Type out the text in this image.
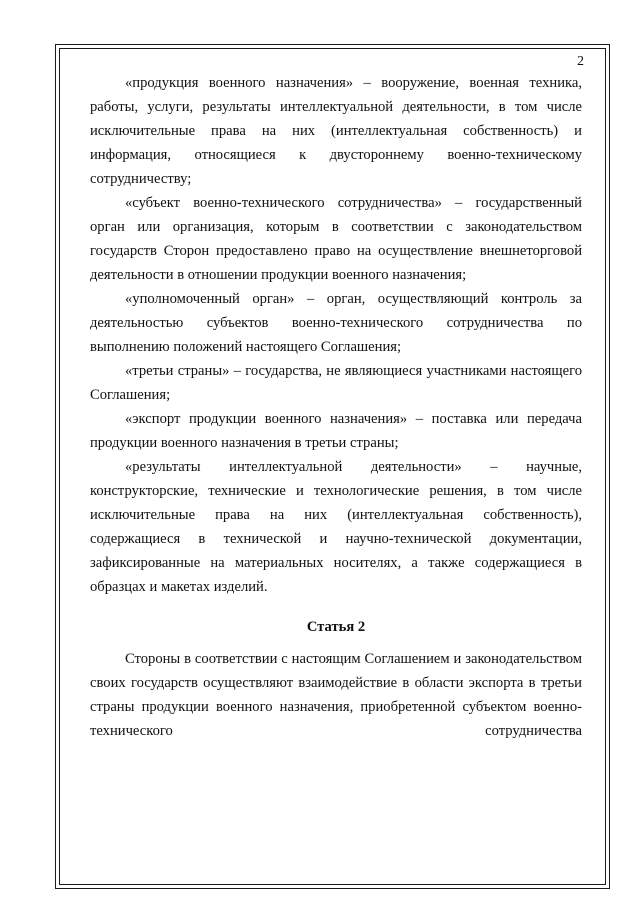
2

«продукция военного назначения» – вооружение, военная техника, работы, услуги, результаты интеллектуальной деятельности, в том числе исключительные права на них (интеллектуальная собственность) и информация, относящиеся к двустороннему военно-техническому сотрудничеству;

«субъект военно-технического сотрудничества» – государственный орган или организация, которым в соответствии с законодательством государств Сторон предоставлено право на осуществление внешнеторговой деятельности в отношении продукции военного назначения;

«уполномоченный орган» – орган, осуществляющий контроль за деятельностью субъектов военно-технического сотрудничества по выполнению положений настоящего Соглашения;

«третьи страны» – государства, не являющиеся участниками настоящего Соглашения;

«экспорт продукции военного назначения» – поставка или передача продукции военного назначения в третьи страны;

«результаты интеллектуальной деятельности» – научные, конструкторские, технические и технологические решения, в том числе исключительные права на них (интеллектуальная собственность), содержащиеся в технической и научно-технической документации, зафиксированные на материальных носителях, а также содержащиеся в образцах и макетах изделий.

Статья 2

Стороны в соответствии с настоящим Соглашением и законодательством своих государств осуществляют взаимодействие в области экспорта в третьи страны продукции военного назначения, приобретенной субъектом военно-технического сотрудничества
